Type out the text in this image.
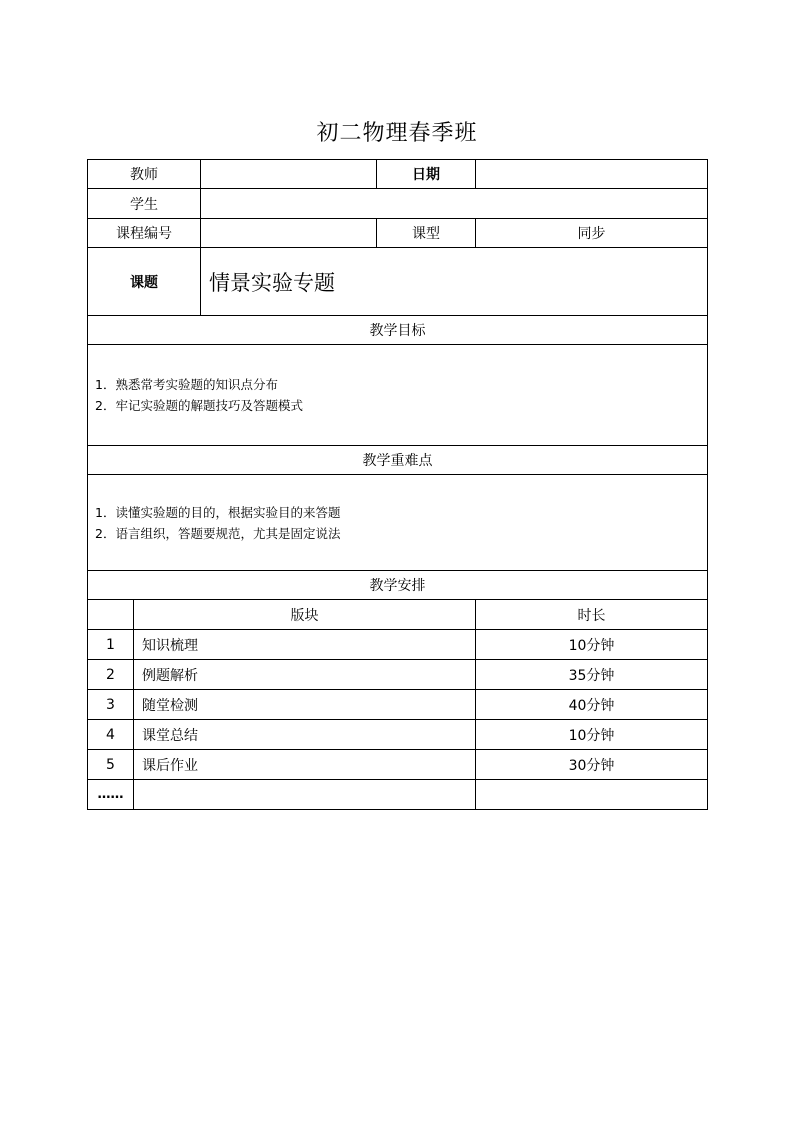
初二物理春季班
教师			日期	
学生				
课程编号			课型	同步
课题		情景实验专题		
教学目标				

1．熟悉常考实验题的知识点分布
2．牢记实验题的解题技巧及答题模式				

教学重难点				

1．读懂实验题的目的，根据实验目的来答题
2．语言组织，答题要规范，尤其是固定说法				

教学安排				
	版块			时长
1	知识梳理			10分钟
2	例题解析			35分钟
3	随堂检测			40分钟
4	课堂总结			10分钟
5	课后作业			30分钟
……				
